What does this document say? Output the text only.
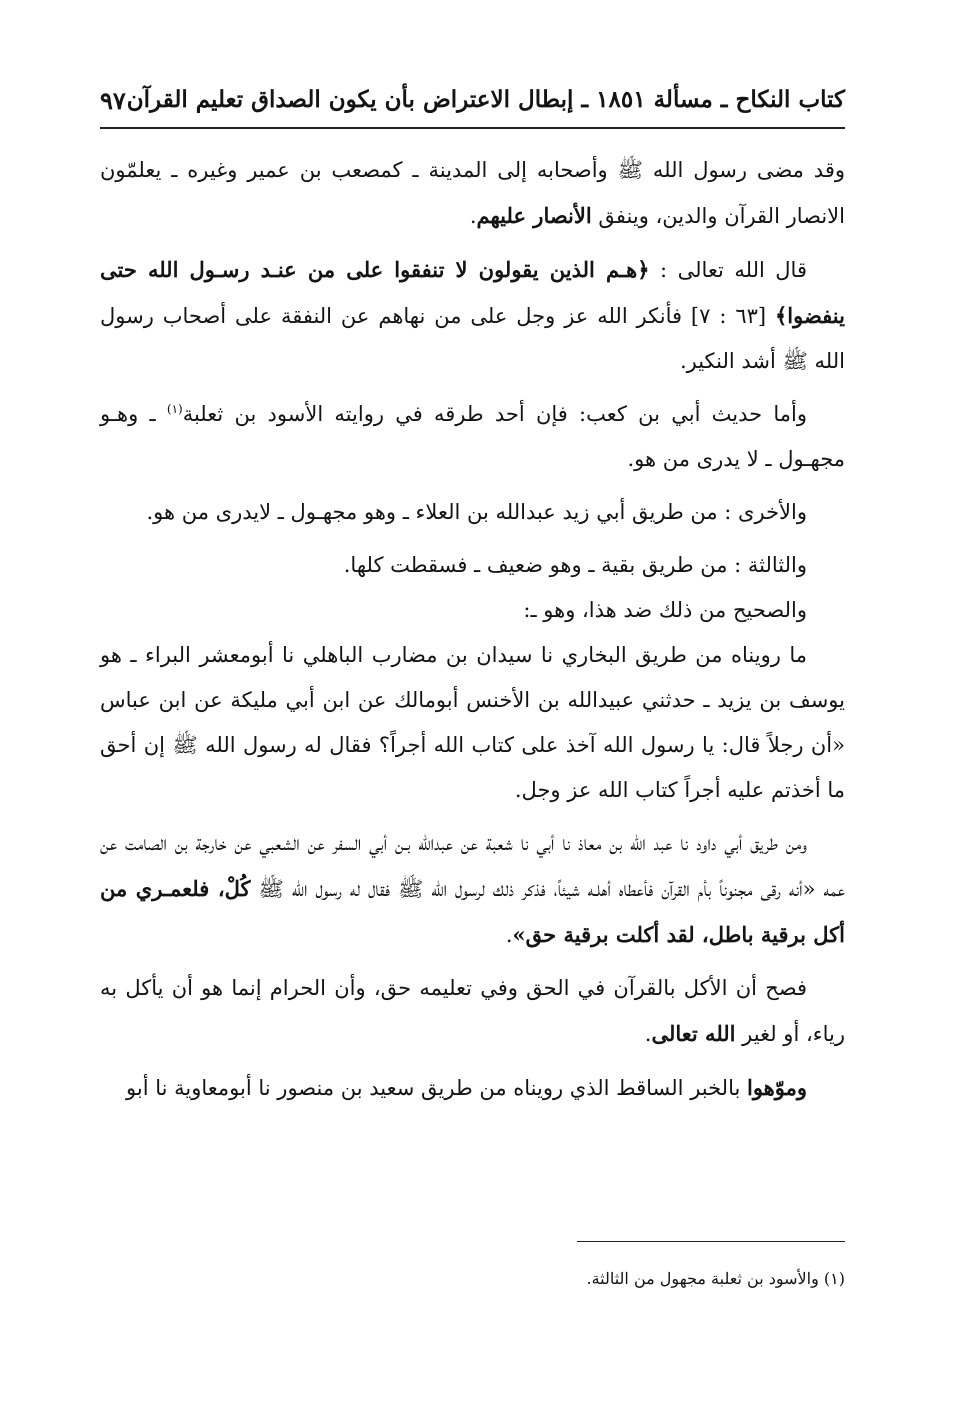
كتاب النكاح ـ مسألة ١٨٥١ ـ إبطال الاعتراض بأن يكون الصداق تعليم القرآن
٩٧

وقد مضى رسول الله ﷺ وأصحابه إلى المدينة ـ كمصعب بن عمير وغيره ـ يعلمّون الانصار القرآن والدين، وينفق الأنصار عليهم.

قال الله تعالى : ﴿هـم الذين يقولون لا تنفقوا على من عنـد رسـول الله حتى ينفضوا﴾ [٦٣ : ٧] فأنكر الله عز وجل على من نهاهم عن النفقة على أصحاب رسول الله ﷺ أشد النكير.

وأما حديث أبي بن كعب: فإن أحد طرقه في روايته الأسود بن ثعلبة$^{(١)}$ ـ وهـو مجهـول ـ لا يدرى من هو.

والأخرى : من طريق أبي زيد عبدالله بن العلاء ـ وهو مجهـول ـ لايدرى من هو.

والثالثة : من طريق بقية ـ وهو ضعيف ـ فسقطت كلها.

والصحيح من ذلك ضد هذا، وهو ـ:

ما رويناه من طريق البخاري نا سيدان بن مضارب الباهلي نا أبومعشر البراء ـ هو يوسف بن يزيد ـ حدثني عبيدالله بن الأخنس أبومالك عن ابن أبي مليكة عن ابن عباس «أن رجلاً قال: يا رسول الله آخذ على كتاب الله أجراً؟ فقال له رسول الله ﷺ إن أحق ما أخذتم عليه أجراً كتاب الله عز وجل.

ومن طريق أبي داود نا عبد الله بن معاذ نا أبي نا شعبة عن عبدالله بـن أبي السفر عن الشعبي عن خارجة بن الصامت عن عمه «أنه رقى مجنوناً بأم القرآن فأعطاه أهلـه شيئاً، فذكر ذلك لرسول الله ﷺ فقال له رسول الله ﷺ كُلْ، فلعمـري من أكل برقية باطل، لقد أكلت برقية حق».

فصح أن الأكل بالقرآن في الحق وفي تعليمه حق، وأن الحرام إنما هو أن يأكل به رياء، أو لغير الله تعالى.

وموّهوا بالخبر الساقط الذي رويناه من طريق سعيد بن منصور نا أبومعاوية نا أبو

(١) والأسود بن ثعلبة مجهول من الثالثة.
